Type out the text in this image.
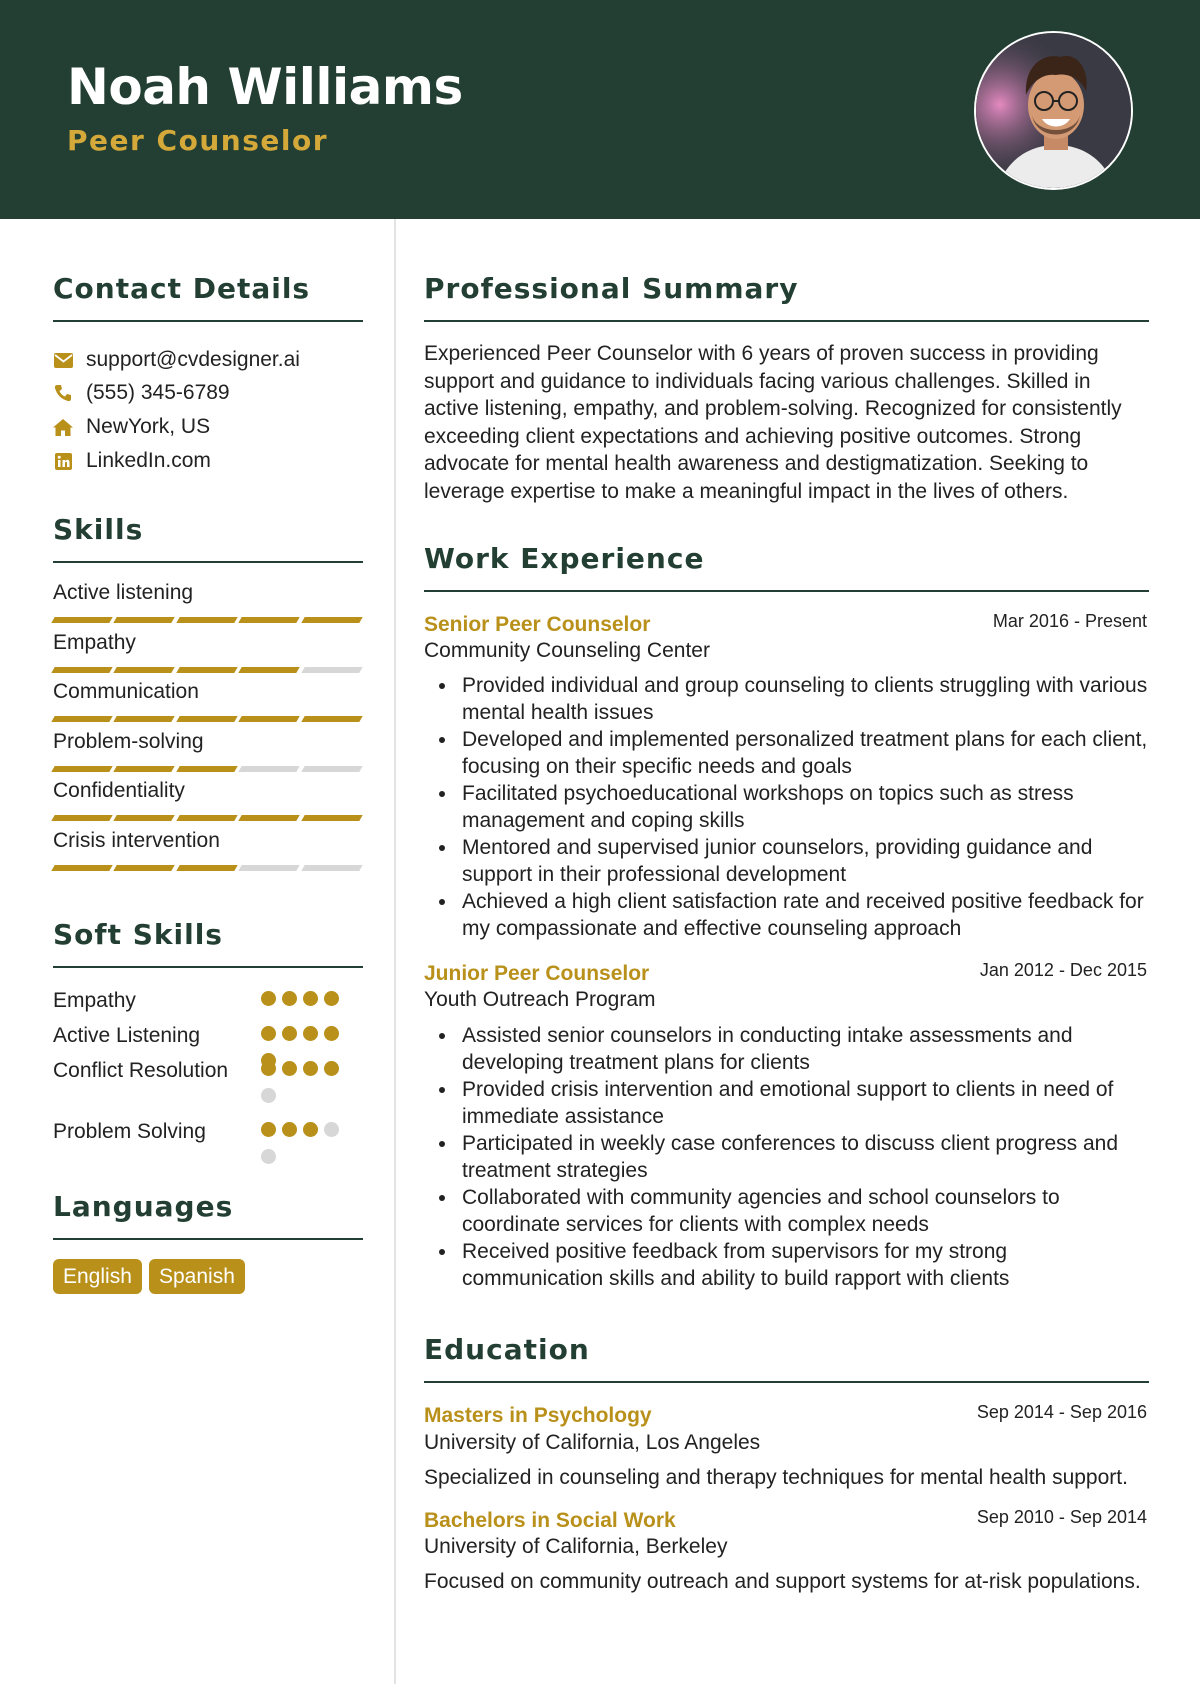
Noah Williams
Peer Counselor
Contact Details
support@cvdesigner.ai
(555) 345-6789
NewYork, US
LinkedIn.com
Skills
Active listening
Empathy
Communication
Problem-solving
Confidentiality
Crisis intervention
Soft Skills
Empathy
Active Listening
Conflict Resolution
Problem Solving
Languages
English	Spanish
Professional Summary
Experienced Peer Counselor with 6 years of proven success in providing support and guidance to individuals facing various challenges. Skilled in active listening, empathy, and problem-solving. Recognized for consistently exceeding client expectations and achieving positive outcomes. Strong advocate for mental health awareness and destigmatization. Seeking to leverage expertise to make a meaningful impact in the lives of others.
Work Experience
Senior Peer Counselor	Mar 2016 - Present
Community Counseling Center
Provided individual and group counseling to clients struggling with various mental health issues
Developed and implemented personalized treatment plans for each client, focusing on their specific needs and goals
Facilitated psychoeducational workshops on topics such as stress management and coping skills
Mentored and supervised junior counselors, providing guidance and support in their professional development
Achieved a high client satisfaction rate and received positive feedback for my compassionate and effective counseling approach
Junior Peer Counselor	Jan 2012 - Dec 2015
Youth Outreach Program
Assisted senior counselors in conducting intake assessments and developing treatment plans for clients
Provided crisis intervention and emotional support to clients in need of immediate assistance
Participated in weekly case conferences to discuss client progress and treatment strategies
Collaborated with community agencies and school counselors to coordinate services for clients with complex needs
Received positive feedback from supervisors for my strong communication skills and ability to build rapport with clients
Education
Masters in Psychology	Sep 2014 - Sep 2016
University of California, Los Angeles
Specialized in counseling and therapy techniques for mental health support.
Bachelors in Social Work	Sep 2010 - Sep 2014
University of California, Berkeley
Focused on community outreach and support systems for at-risk populations.
